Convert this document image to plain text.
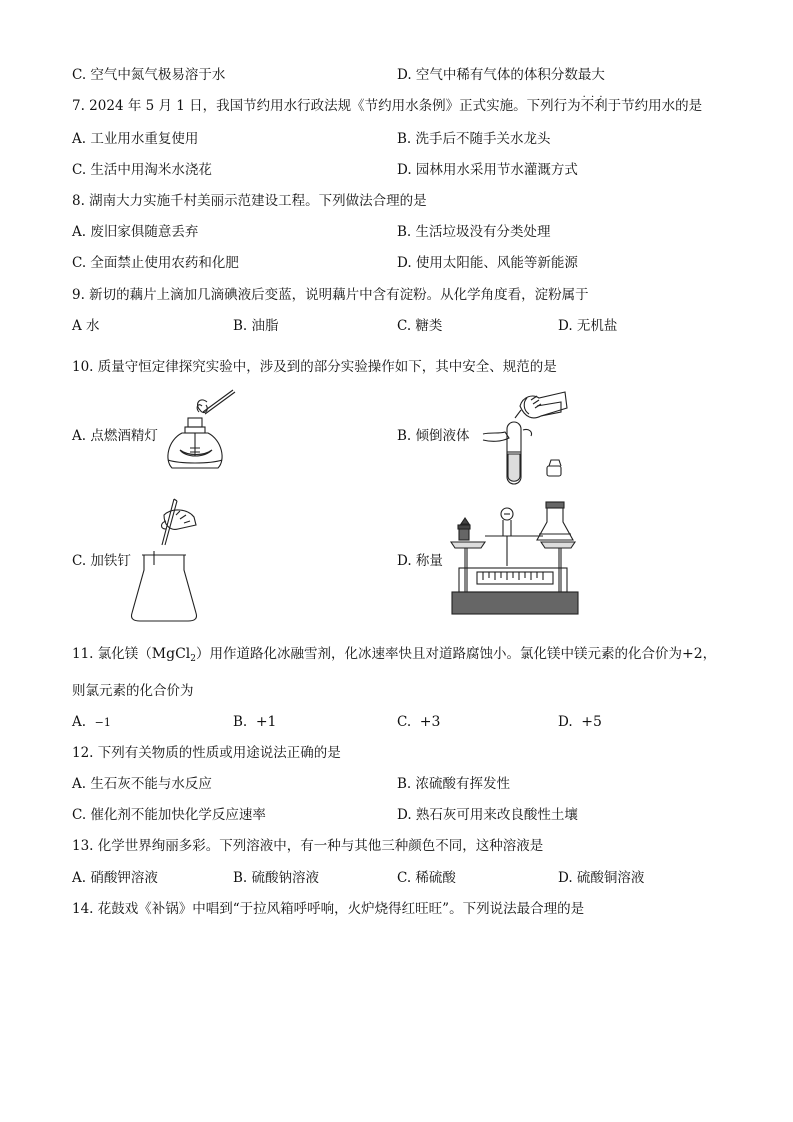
C. 空气中氮气极易溶于水	D. 空气中稀有气体的体积分数最大
7. 2024 年 5 月 1 日，我国节约用水行政法规《节约用水条例》正式实施。下列行为不利于 · · ·节约用水的是
A. 工业用水重复使用	B. 洗手后不随手关水龙头
C. 生活中用淘米水浇花	D. 园林用水采用节水灌溉方式
8. 湖南大力实施千村美丽示范建设工程。下列做法合理的是
A. 废旧家俱随意丢弃	B. 生活垃圾没有分类处理
C. 全面禁止使用农药和化肥	D. 使用太阳能、风能等新能源
9. 新切的藕片上滴加几滴碘液后变蓝，说明藕片中含有淀粉。从化学角度看，淀粉属于
A 水	B. 油脂	C. 糖类	D. 无机盐
10. 质量守恒定律探究实验中，涉及到的部分实验操作如下，其中安全、规范的是
A. 点燃酒精灯	B. 倾倒液体
C. 加铁钉	D. 称量
11. 氯化镁（MgCl$_2$）用作道路化冰融雪剂，化冰速率快且对道路腐蚀小。氯化镁中镁元素的化合价为+2，
则氯元素的化合价为
A. −1	B. +1	C. +3	D. +5
12. 下列有关物质的性质或用途说法正确的是
A. 生石灰不能与水反应	B. 浓硫酸有挥发性
C. 催化剂不能加快化学反应速率	D. 熟石灰可用来改良酸性土壤
13. 化学世界绚丽多彩。下列溶液中，有一种与其他三种颜色不同，这种溶液是
A. 硝酸钾溶液	B. 硫酸钠溶液	C. 稀硫酸	D. 硫酸铜溶液
14. 花鼓戏《补锅》中唱到“于拉风箱呼呼响，火炉烧得红旺旺”。下列说法最合理的是
